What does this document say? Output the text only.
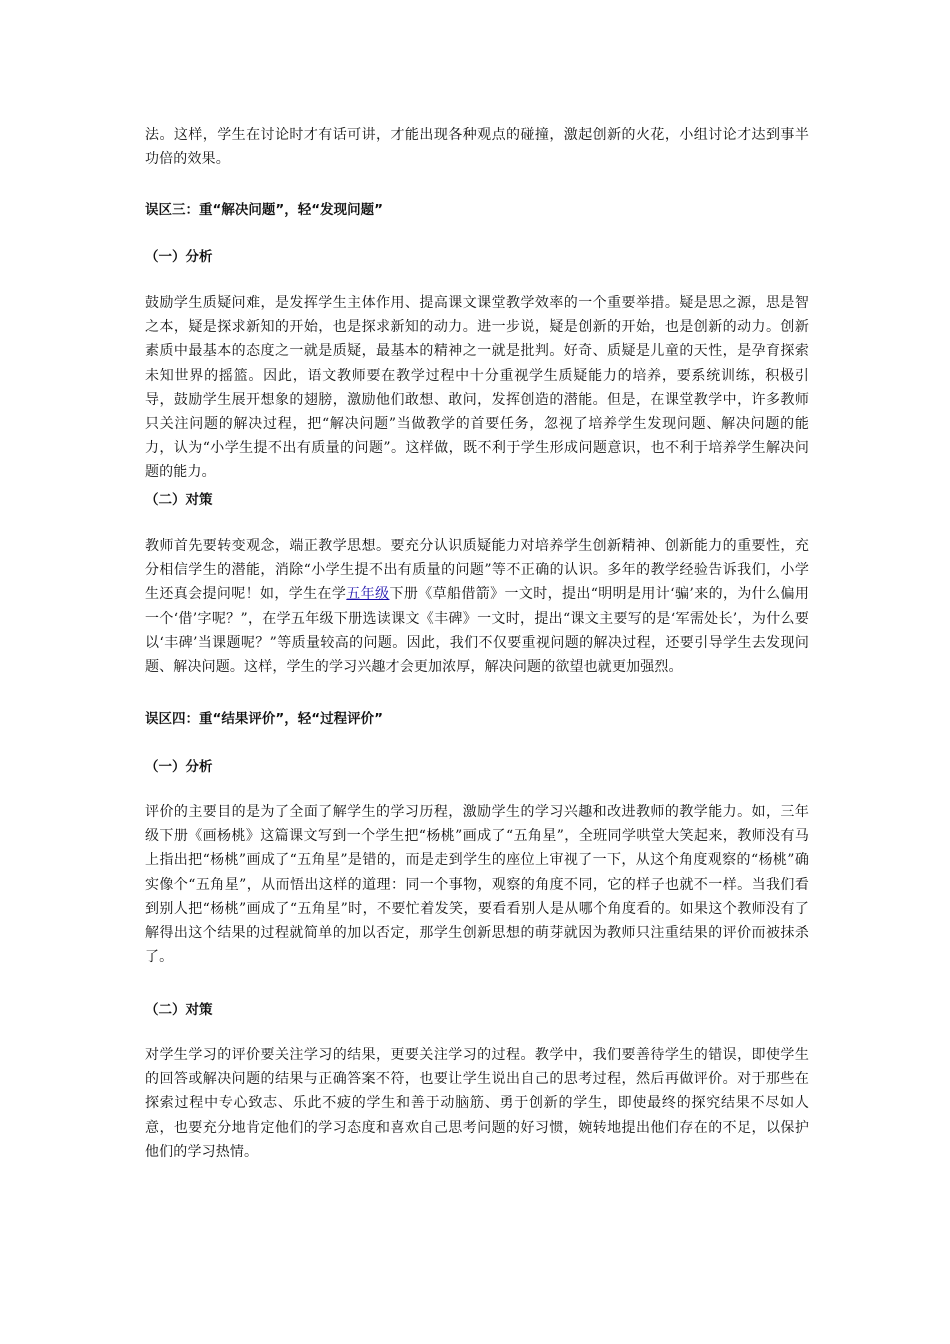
法。这样，学生在讨论时才有话可讲，才能出现各种观点的碰撞，激起创新的火花，小组讨论才达到事半功倍的效果。

误区三：重“解决问题”，轻“发现问题”

（一）分析

鼓励学生质疑问难，是发挥学生主体作用、提高课文课堂教学效率的一个重要举措。疑是思之源，思是智之本，疑是探求新知的开始，也是探求新知的动力。进一步说，疑是创新的开始，也是创新的动力。创新素质中最基本的态度之一就是质疑，最基本的精神之一就是批判。好奇、质疑是儿童的天性，是孕育探索未知世界的摇篮。因此，语文教师要在教学过程中十分重视学生质疑能力的培养，要系统训练，积极引导，鼓励学生展开想象的翅膀，激励他们敢想、敢问，发挥创造的潜能。但是，在课堂教学中，许多教师只关注问题的解决过程，把“解决问题”当做教学的首要任务，忽视了培养学生发现问题、解决问题的能力，认为“小学生提不出有质量的问题”。这样做，既不利于学生形成问题意识，也不利于培养学生解决问题的能力。

（二）对策

教师首先要转变观念，端正教学思想。要充分认识质疑能力对培养学生创新精神、创新能力的重要性，充分相信学生的潜能，消除“小学生提不出有质量的问题”等不正确的认识。多年的教学经验告诉我们，小学生还真会提问呢！如，学生在学五年级下册《草船借箭》一文时，提出“明明是用计‘骗’来的，为什么偏用一个‘借’字呢？”，在学五年级下册选读课文《丰碑》一文时，提出“课文主要写的是‘军需处长’，为什么要以‘丰碑’当课题呢？”等质量较高的问题。因此，我们不仅要重视问题的解决过程，还要引导学生去发现问题、解决问题。这样，学生的学习兴趣才会更加浓厚，解决问题的欲望也就更加强烈。

误区四：重“结果评价”，轻“过程评价”

（一）分析

评价的主要目的是为了全面了解学生的学习历程，激励学生的学习兴趣和改进教师的教学能力。如，三年级下册《画杨桃》这篇课文写到一个学生把“杨桃”画成了“五角星”，全班同学哄堂大笑起来，教师没有马上指出把“杨桃”画成了“五角星”是错的，而是走到学生的座位上审视了一下，从这个角度观察的“杨桃”确实像个“五角星”，从而悟出这样的道理：同一个事物，观察的角度不同，它的样子也就不一样。当我们看到别人把“杨桃”画成了“五角星”时，不要忙着发笑，要看看别人是从哪个角度看的。如果这个教师没有了解得出这个结果的过程就简单的加以否定，那学生创新思想的萌芽就因为教师只注重结果的评价而被抹杀了。

（二）对策

对学生学习的评价要关注学习的结果，更要关注学习的过程。教学中，我们要善待学生的错误，即使学生的回答或解决问题的结果与正确答案不符，也要让学生说出自己的思考过程，然后再做评价。对于那些在探索过程中专心致志、乐此不疲的学生和善于动脑筋、勇于创新的学生，即使最终的探究结果不尽如人意，也要充分地肯定他们的学习态度和喜欢自己思考问题的好习惯，婉转地提出他们存在的不足，以保护他们的学习热情。
